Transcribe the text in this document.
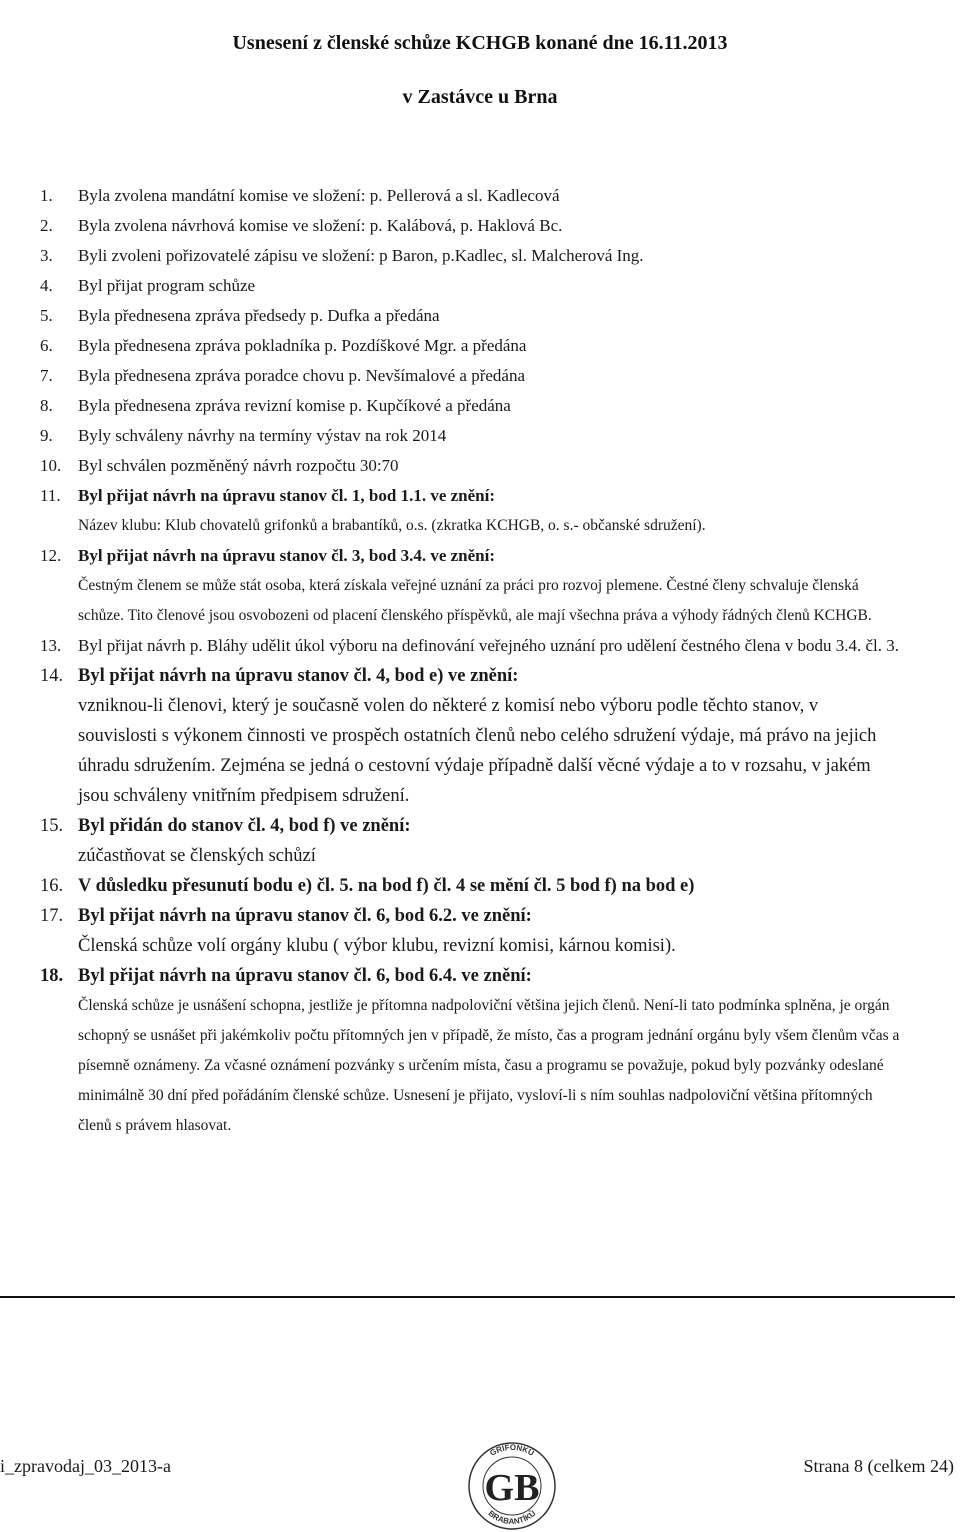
Usnesení z členské schůze KCHGB konané dne 16.11.2013
v Zastávce u Brna
1.	Byla zvolena mandátní komise ve složení: p. Pellerová a sl. Kadlecová
2.	Byla zvolena návrhová komise ve složení: p. Kalábová, p. Haklová Bc.
3.	Byli zvoleni pořizovatelé zápisu ve složení: p Baron, p.Kadlec, sl. Malcherová Ing.
4.	Byl přijat program schůze
5.	Byla přednesena zpráva předsedy p. Dufka a předána
6.	Byla přednesena zpráva pokladníka p. Pozdíškové Mgr. a předána
7.	Byla přednesena zpráva poradce chovu p. Nevšímalové a předána
8.	Byla přednesena zpráva revizní komise p. Kupčíkové a předána
9.	Byly schváleny návrhy na termíny výstav na rok 2014
10. Byl schválen pozměněný návrh rozpočtu 30:70
11.	Byl přijat návrh na úpravu stanov čl. 1, bod 1.1. ve znění:
Název klubu: Klub chovatelů grifonků a brabantíků, o.s. (zkratka KCHGB, o. s.- občanské sdružení).
12. Byl přijat návrh na úpravu stanov čl. 3, bod 3.4. ve znění:
Čestným členem se může stát osoba, která získala veřejné uznání za práci pro rozvoj plemene. Čestné členy schvaluje členská schůze. Tito členové jsou osvobozeni od placení členského příspěvků, ale mají všechna práva a výhody řádných členů KCHGB.
13. Byl přijat návrh p. Bláhy udělit úkol výboru na definování veřejného uznání pro udělení čestného člena v bodu 3.4. čl. 3.
14. Byl přijat návrh na úpravu stanov čl. 4, bod e) ve znění:
vzniknou-li členovi, který je současně volen do některé z komisí nebo výboru podle těchto stanov, v souvislosti s výkonem činnosti ve prospěch ostatních členů nebo celého sdružení výdaje, má právo na jejich úhradu sdružením. Zejména se jedná o cestovní výdaje případně další věcné výdaje a to v rozsahu, v jakém jsou schváleny vnitřním předpisem sdružení.
15. Byl přidán do stanov čl. 4, bod f) ve znění:
zúčastňovat se členských schůzí
16. V důsledku přesunutí bodu e) čl. 5. na bod f) čl. 4 se mění čl. 5 bod f) na bod e)
17. Byl přijat návrh na úpravu stanov čl. 6, bod 6.2. ve znění:
Členská schůze volí orgány klubu ( výbor klubu, revizní komisi, kárnou komisi).
18. Byl přijat návrh na úpravu stanov čl. 6, bod 6.4. ve znění:
Členská schůze je usnášení schopna, jestliže je přítomna nadpoloviční většina jejich členů. Není-li tato podmínka splněna, je orgán schopný se usnášet při jakémkoliv počtu přítomných jen v případě, že místo, čas a program jednání orgánu byly všem členům včas a písemně oznámeny. Za včasné oznámení pozvánky s určením místa, času a programu se považuje, pokud byly pozvánky odeslané minimálně 30 dní před pořádáním členské schůze. Usnesení je přijato, vysloví-li s ním souhlas nadpoloviční většina přítomných členů s právem hlasovat.
i_zpravodaj_03_2013-a
GRIFONKŮ
BRABANTÍKŮ
GB
Strana 8 (celkem 24)
